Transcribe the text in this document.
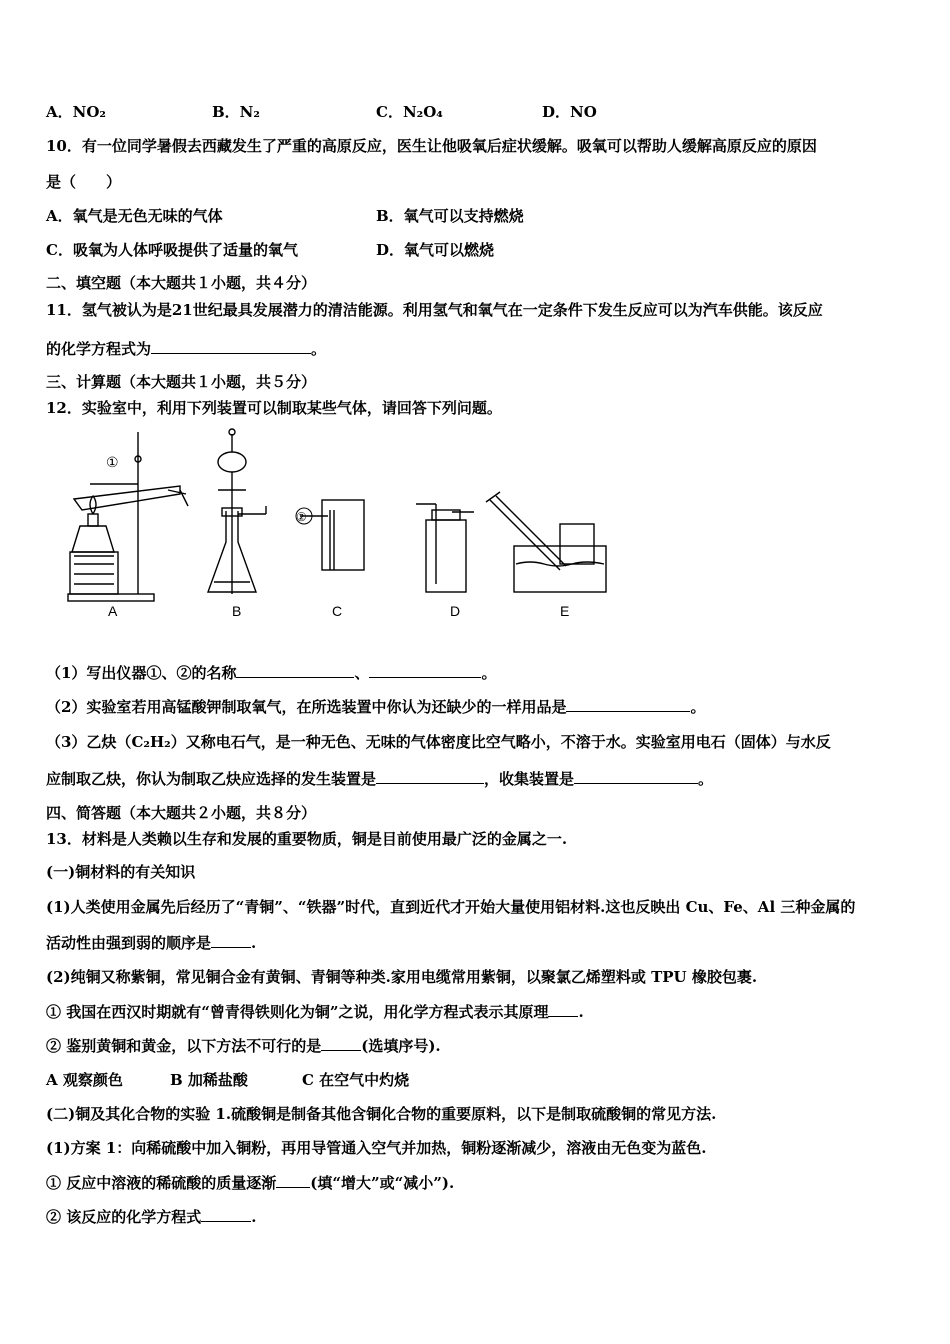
A．NO₂	B．N₂	C．N₂O₄	D．NO
10．有一位同学暑假去西藏发生了严重的高原反应，医生让他吸氧后症状缓解。吸氧可以帮助人缓解高原反应的原因
是（　　）
A．氧气是无色无味的气体	B．氧气可以支持燃烧
C．吸氧为人体呼吸提供了适量的氧气	D．氧气可以燃烧
二、填空题（本大题共１小题，共４分）
11．氢气被认为是21世纪最具发展潜力的清洁能源。利用氢气和氧气在一定条件下发生反应可以为汽车供能。该反应
的化学方程式为	。
三、计算题（本大题共１小题，共５分）
12．实验室中，利用下列装置可以制取某些气体，请回答下列问题。
A	B	C	D	E
①
②
（1）写出仪器①、②的名称	、	。
（2）实验室若用高锰酸钾制取氧气，在所选装置中你认为还缺少的一样用品是	。
（3）乙炔（C₂H₂）又称电石气，是一种无色、无味的气体密度比空气略小，不溶于水。实验室用电石（固体）与水反
应制取乙炔，你认为制取乙炔应选择的发生装置是	，收集装置是	。
四、简答题（本大题共２小题，共８分）
13．材料是人类赖以生存和发展的重要物质，铜是目前使用最广泛的金属之一.
(一)铜材料的有关知识
(1)人类使用金属先后经历了“青铜”、“铁器”时代，直到近代才开始大量使用铝材料.这也反映出 Cu、Fe、Al 三种金属的
活动性由强到弱的顺序是	.
(2)纯铜又称紫铜，常见铜合金有黄铜、青铜等种类.家用电缆常用紫铜，以聚氯乙烯塑料或 TPU 橡胶包裹.
① 我国在西汉时期就有“曾青得铁则化为铜”之说，用化学方程式表示其原理 .
② 鉴别黄铜和黄金，以下方法不可行的是	(选填序号).
A 观察颜色	B 加稀盐酸	C 在空气中灼烧
(二)铜及其化合物的实验 1.硫酸铜是制备其他含铜化合物的重要原料，以下是制取硫酸铜的常见方法.
(1)方案 1：向稀硫酸中加入铜粉，再用导管通入空气并加热，铜粉逐渐减少，溶液由无色变为蓝色.
① 反应中溶液的稀硫酸的质量逐渐 (填“增大”或“减小”).
② 该反应的化学方程式	.
